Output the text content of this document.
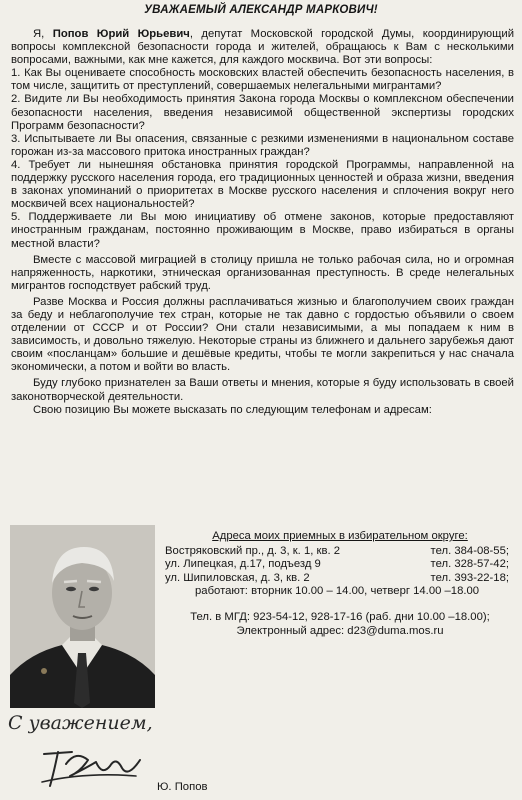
УВАЖАЕМЫЙ АЛЕКСАНДР МАРКОВИЧ!

Я, Попов Юрий Юрьевич, депутат Московской городской Думы, координирующий вопросы комплексной безопасности города и жителей, обращаюсь к Вам с несколькими вопросами, важными, как мне кажется, для каждого москвича. Вот эти вопросы:

1. Как Вы оцениваете способность московских властей обеспечить безопасность населения, в том числе, защитить от преступлений, совершаемых нелегальными мигрантами?

2. Видите ли Вы необходимость принятия Закона города Москвы о комплексном обеспечении безопасности населения, введения независимой общественной экспертизы городских Программ безопасности?

3. Испытываете ли Вы опасения, связанные с резкими изменениями в национальном составе горожан из-за массового притока иностранных граждан?

4. Требует ли нынешняя обстановка принятия городской Программы, направленной на поддержку русского населения города, его традиционных ценностей и образа жизни, введения в законах упоминаний о приоритетах в Москве русского населения и сплочения вокруг него москвичей всех национальностей?

5. Поддерживаете ли Вы мою инициативу об отмене законов, которые предоставляют иностранным гражданам, постоянно проживающим в Москве, право избираться в органы местной власти?

Вместе с массовой миграцией в столицу пришла не только рабочая сила, но и огромная напряженность, наркотики, этническая организованная преступность. В среде нелегальных мигрантов господствует рабский труд.

Разве Москва и Россия должны расплачиваться жизнью и благополучием своих граждан за беду и неблагополучие тех стран, которые не так давно с гордостью объявили о своем отделении от СССР и от России? Они стали независимыми, а мы попадаем к ним в зависимость, и довольно тяжелую. Некоторые страны из ближнего и дальнего зарубежья дают своим «посланцам» большие и дешёвые кредиты, чтобы те могли закрепиться у нас сначала экономически, а потом и войти во власть.

Буду глубоко признателен за Ваши ответы и мнения, которые я буду использовать в своей законотворческой деятельности.

Свою позицию Вы можете высказать по следующим телефонам и адресам:

Адреса моих приемных в избирательном округе:
Востряковский пр., д. 3, к. 1, кв. 2	тел. 384-08-55;
ул. Липецкая, д.17, подъезд 9	тел. 328-57-42;
ул. Шипиловская, д. 3, кв. 2	тел. 393-22-18;
работают: вторник 10.00 – 14.00, четверг 14.00 –18.00
Тел. в МГД: 923-54-12, 928-17-16 (раб. дни 10.00 –18.00);
Электронный адрес: d23@duma.mos.ru
С уважением,
Ю. Попов
